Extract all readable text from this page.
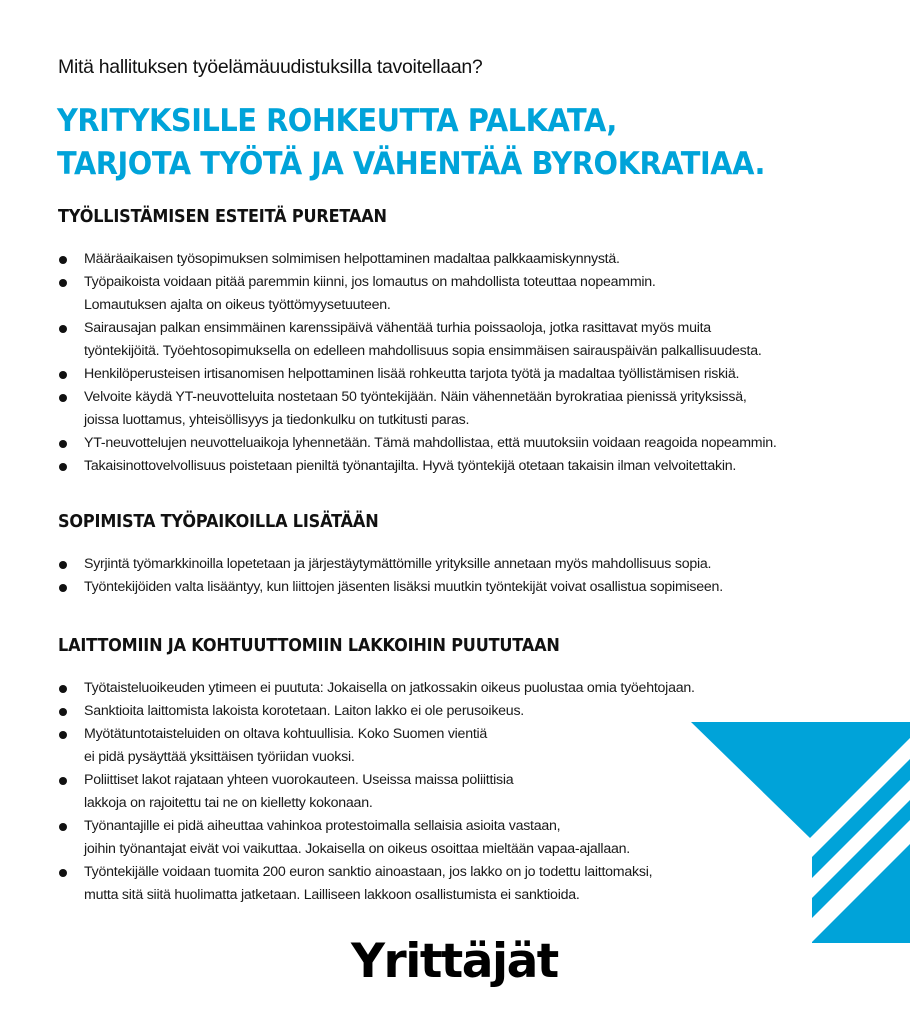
Mitä hallituksen työelämäuudistuksilla tavoitellaan?

YRITYKSILLE ROHKEUTTA PALKATA,
TARJOTA TYÖTÄ JA VÄHENTÄÄ BYROKRATIAA.
TYÖLLISTÄMISEN ESTEITÄ PURETAAN
Määräaikaisen työsopimuksen solmimisen helpottaminen madaltaa palkkaamiskynnystä.
Työpaikoista voidaan pitää paremmin kiinni, jos lomautus on mahdollista toteuttaa nopeammin.
Lomautuksen ajalta on oikeus työttömyysetuuteen.
Sairausajan palkan ensimmäinen karenssipäivä vähentää turhia poissaoloja, jotka rasittavat myös muita
työntekijöitä. Työehtosopimuksella on edelleen mahdollisuus sopia ensimmäisen sairauspäivän palkallisuudesta.
Henkilöperusteisen irtisanomisen helpottaminen lisää rohkeutta tarjota työtä ja madaltaa työllistämisen riskiä.
Velvoite käydä YT-neuvotteluita nostetaan 50 työntekijään. Näin vähennetään byrokratiaa pienissä yrityksissä,
joissa luottamus, yhteisöllisyys ja tiedonkulku on tutkitusti paras.
YT-neuvottelujen neuvotteluaikoja lyhennetään. Tämä mahdollistaa, että muutoksiin voidaan reagoida nopeammin.
Takaisinottovelvollisuus poistetaan pieniltä työnantajilta. Hyvä työntekijä otetaan takaisin ilman velvoitettakin.
SOPIMISTA TYÖPAIKOILLA LISÄTÄÄN
Syrjintä työmarkkinoilla lopetetaan ja järjestäytymättömille yrityksille annetaan myös mahdollisuus sopia.
Työntekijöiden valta lisääntyy, kun liittojen jäsenten lisäksi muutkin työntekijät voivat osallistua sopimiseen.
LAITTOMIIN JA KOHTUUTTOMIIN LAKKOIHIN PUUTUTAAN
Työtaisteluoikeuden ytimeen ei puututa: Jokaisella on jatkossakin oikeus puolustaa omia työehtojaan.
Sanktioita laittomista lakoista korotetaan. Laiton lakko ei ole perusoikeus.
Myötätuntotaisteluiden on oltava kohtuullisia. Koko Suomen vientiä
ei pidä pysäyttää yksittäisen työriidan vuoksi.
Poliittiset lakot rajataan yhteen vuorokauteen. Useissa maissa poliittisia
lakkoja on rajoitettu tai ne on kielletty kokonaan.
Työnantajille ei pidä aiheuttaa vahinkoa protestoimalla sellaisia asioita vastaan,
joihin työnantajat eivät voi vaikuttaa. Jokaisella on oikeus osoittaa mieltään vapaa-ajallaan.
Työntekijälle voidaan tuomita 200 euron sanktio ainoastaan, jos lakko on jo todettu laittomaksi,
mutta sitä siitä huolimatta jatketaan. Lailliseen lakkoon osallistumista ei sanktioida.
Yrittäjät
